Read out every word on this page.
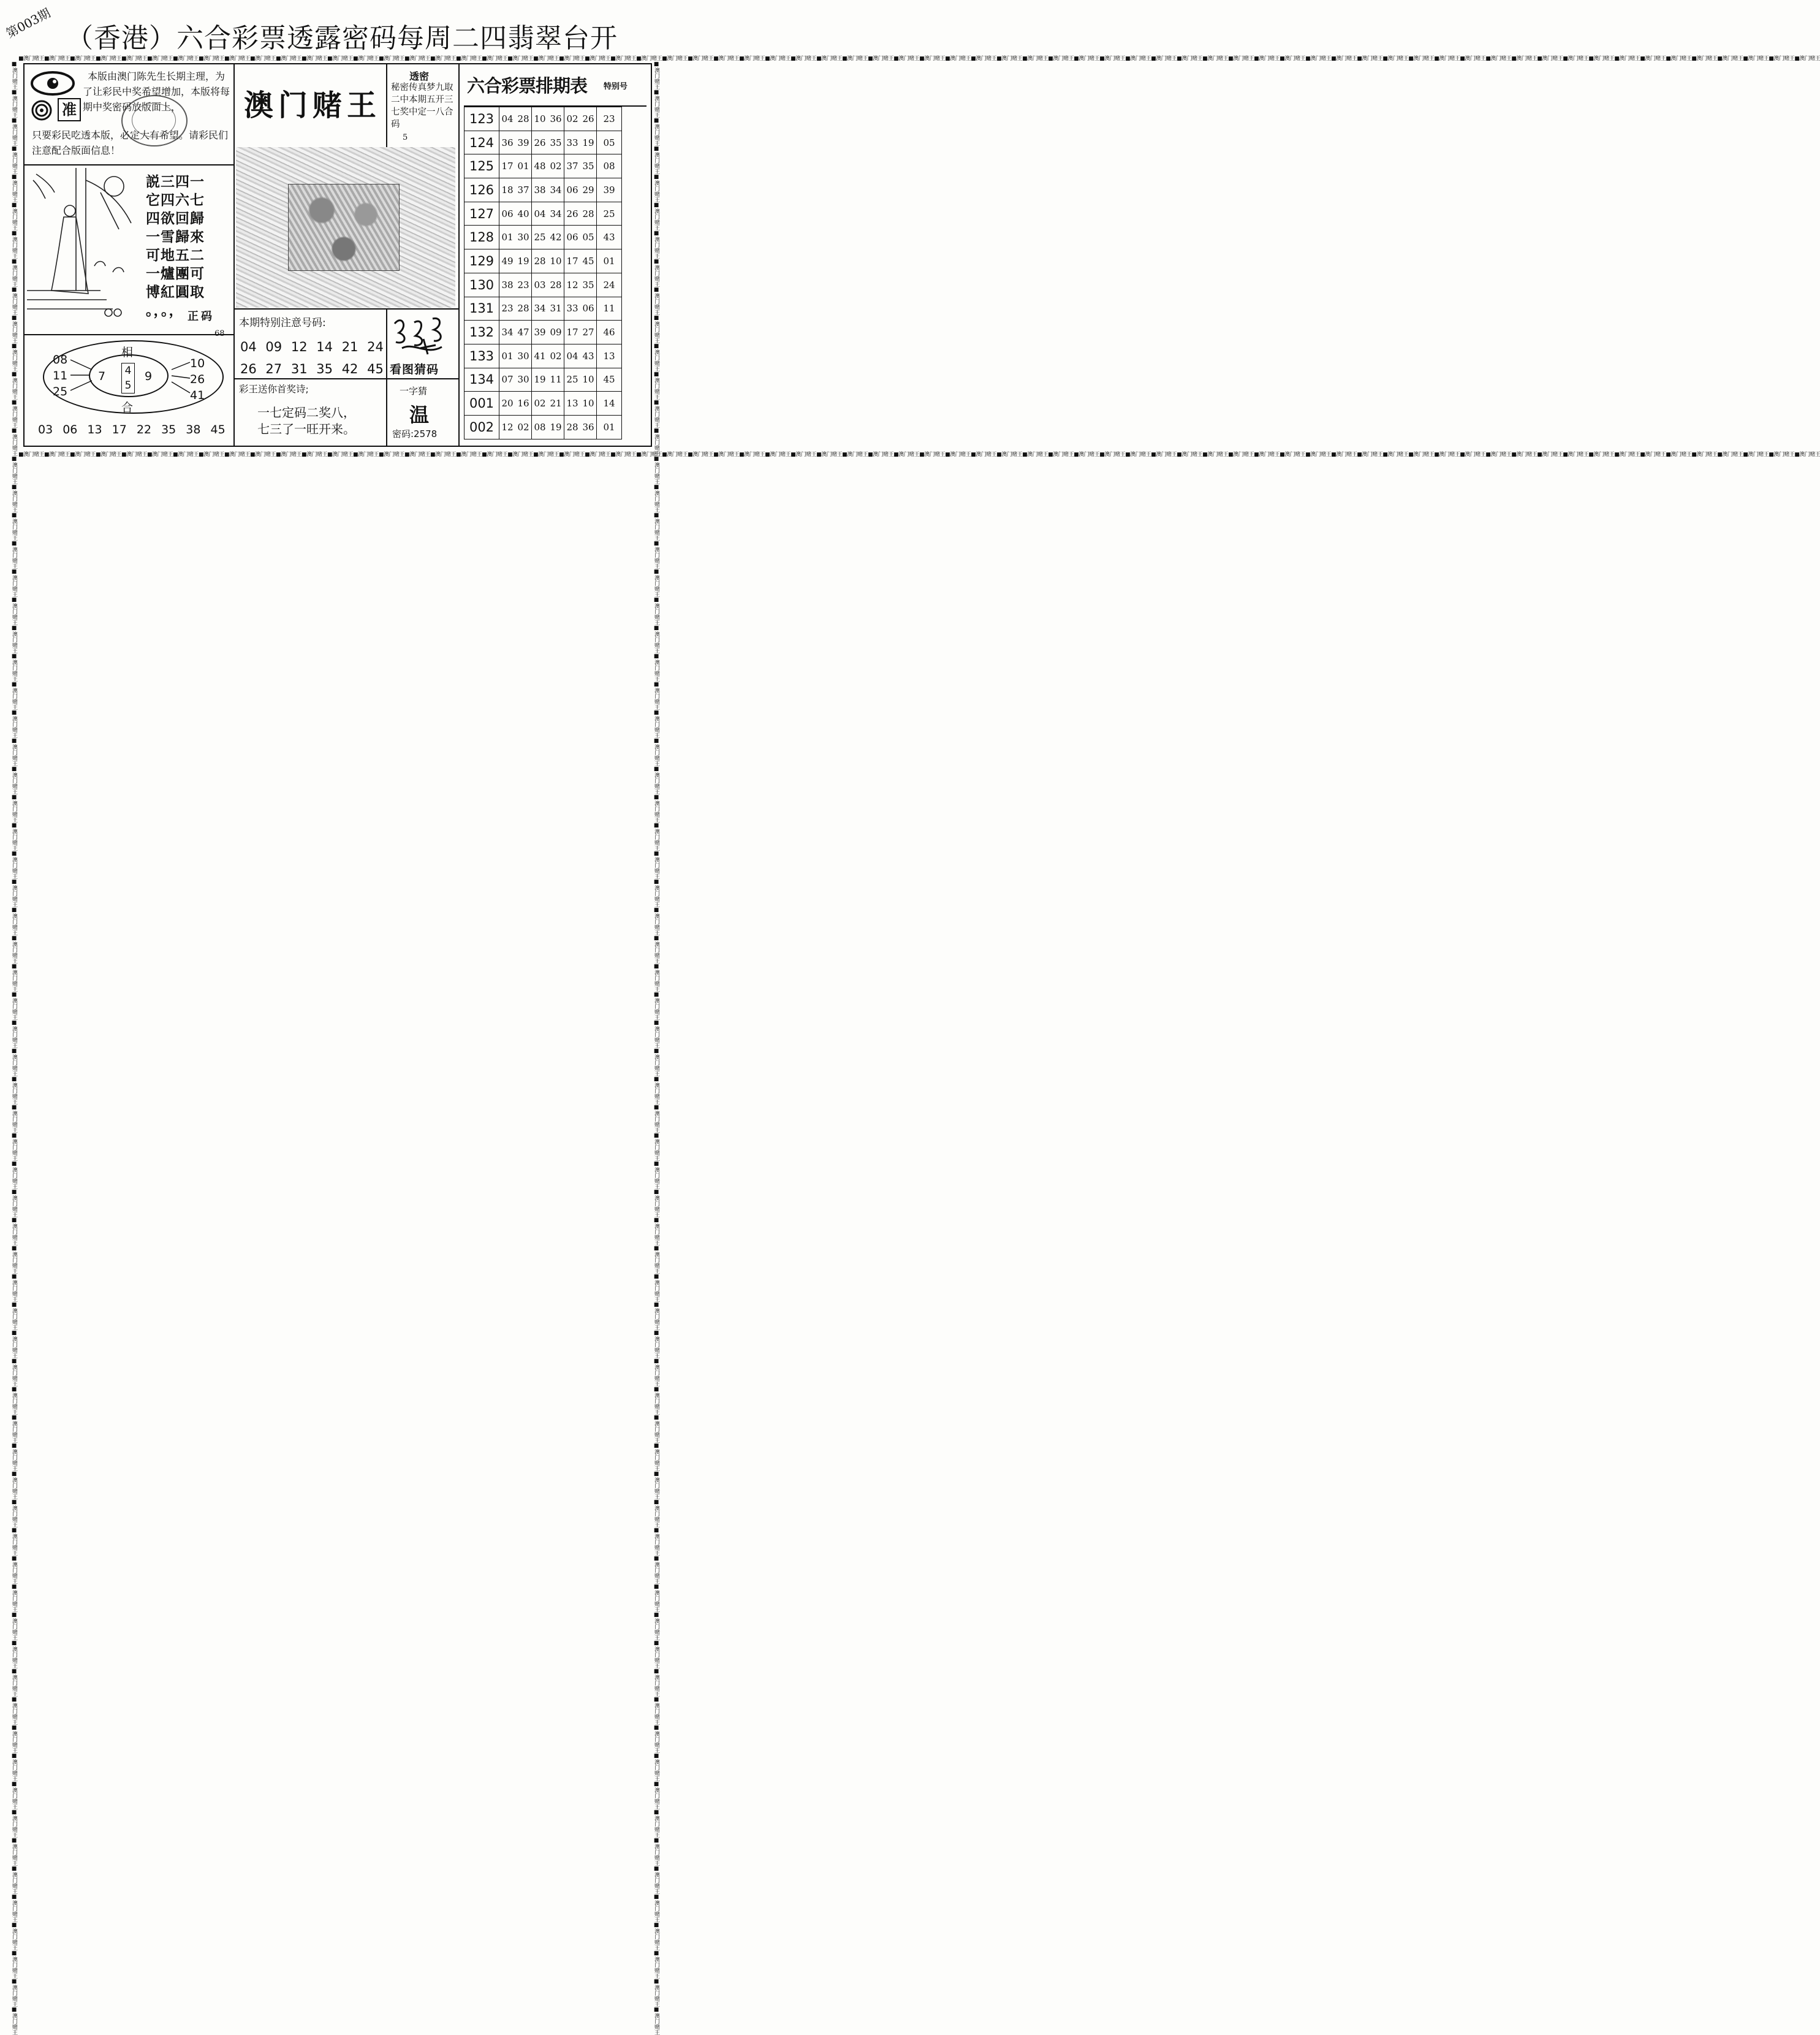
第003期 （香港）六合彩票透露密码每周二四翡翠台开
■澳门赌王■澳门赌王■澳门赌王■澳门赌王■澳门赌王■澳门赌王■澳门赌王■澳门赌王■澳门赌王■澳门赌王■澳门赌王■澳门赌王■澳门赌王■澳门赌王■澳门赌王■澳门赌王■澳门赌王■澳门赌王■澳门赌王■澳门赌王■澳门赌王■澳门赌王■澳门赌王■澳门赌王■澳门赌王■澳门赌王■澳门赌王■澳门赌王■澳门赌王■澳门赌王■澳门赌王■澳门赌王■澳门赌王■澳门赌王■澳门赌王■澳门赌王■澳门赌王■澳门赌王■澳门赌王■澳门赌王■澳门赌王■澳门赌王■澳门赌王■澳门赌王■澳门赌王■澳门赌王■澳门赌王■澳门赌王■澳门赌王■澳门赌王■澳门赌王■澳门赌王■澳门赌王■澳门赌王■澳门赌王■澳门赌王■澳门赌王■澳门赌王■澳门赌王■澳门赌王■澳门赌王■澳门赌王■澳门赌王■澳门赌王■澳门赌王■澳门赌王■澳门赌王■澳门赌王■澳门赌王■澳门赌王
■澳门赌王■澳门赌王■澳门赌王■澳门赌王■澳门赌王■澳门赌王■澳门赌王■澳门赌王■澳门赌王■澳门赌王■澳门赌王■澳门赌王■澳门赌王■澳门赌王■澳门赌王■澳门赌王■澳门赌王■澳门赌王■澳门赌王■澳门赌王■澳门赌王■澳门赌王■澳门赌王■澳门赌王■澳门赌王■澳门赌王■澳门赌王■澳门赌王■澳门赌王■澳门赌王■澳门赌王■澳门赌王■澳门赌王■澳门赌王■澳门赌王■澳门赌王■澳门赌王■澳门赌王■澳门赌王■澳门赌王■澳门赌王■澳门赌王■澳门赌王■澳门赌王■澳门赌王■澳门赌王■澳门赌王■澳门赌王■澳门赌王■澳门赌王■澳门赌王■澳门赌王■澳门赌王■澳门赌王■澳门赌王■澳门赌王■澳门赌王■澳门赌王■澳门赌王■澳门赌王■澳门赌王■澳门赌王■澳门赌王■澳门赌王■澳门赌王■澳门赌王■澳门赌王■澳门赌王■澳门赌王■澳门赌王
■澳门赌王■澳门赌王■澳门赌王■澳门赌王■澳门赌王■澳门赌王■澳门赌王■澳门赌王■澳门赌王■澳门赌王■澳门赌王■澳门赌王■澳门赌王■澳门赌王■澳门赌王■澳门赌王■澳门赌王■澳门赌王■澳门赌王■澳门赌王■澳门赌王■澳门赌王■澳门赌王■澳门赌王■澳门赌王■澳门赌王■澳门赌王■澳门赌王■澳门赌王■澳门赌王■澳门赌王■澳门赌王■澳门赌王■澳门赌王■澳门赌王■澳门赌王■澳门赌王■澳门赌王■澳门赌王■澳门赌王■澳门赌王■澳门赌王■澳门赌王■澳门赌王■澳门赌王■澳门赌王■澳门赌王■澳门赌王■澳门赌王■澳门赌王■澳门赌王■澳门赌王■澳门赌王■澳门赌王■澳门赌王■澳门赌王■澳门赌王■澳门赌王■澳门赌王■澳门赌王■澳门赌王■澳门赌王■澳门赌王■澳门赌王■澳门赌王■澳门赌王■澳门赌王■澳门赌王■澳门赌王■澳门赌王	■澳门赌王■澳门赌王■澳门赌王■澳门赌王■澳门赌王■澳门赌王■澳门赌王■澳门赌王■澳门赌王■澳门赌王■澳门赌王■澳门赌王■澳门赌王■澳门赌王■澳门赌王■澳门赌王■澳门赌王■澳门赌王■澳门赌王■澳门赌王■澳门赌王■澳门赌王■澳门赌王■澳门赌王■澳门赌王■澳门赌王■澳门赌王■澳门赌王■澳门赌王■澳门赌王■澳门赌王■澳门赌王■澳门赌王■澳门赌王■澳门赌王■澳门赌王■澳门赌王■澳门赌王■澳门赌王■澳门赌王■澳门赌王■澳门赌王■澳门赌王■澳门赌王■澳门赌王■澳门赌王■澳门赌王■澳门赌王■澳门赌王■澳门赌王■澳门赌王■澳门赌王■澳门赌王■澳门赌王■澳门赌王■澳门赌王■澳门赌王■澳门赌王■澳门赌王■澳门赌王■澳门赌王■澳门赌王■澳门赌王■澳门赌王■澳门赌王■澳门赌王■澳门赌王■澳门赌王■澳门赌王■澳门赌王
准
本版由澳门陈先生长期主理，为了让彩民中奖希望增加，本版将每期中奖密码放版面上，
只要彩民吃透本版，必定大有希望。请彩民们注意配合版面信息！
説三四一
它四六七
四欲回歸
一雪歸來
可地五二
一爐團可
博紅圓取
。，。， 正码
68
相
合
08
11
25
10
26
41
7 4
5
9
03 06 13 17 22 35 38 45
澳门赌王
透密
秘密传真梦九取二中本期五开三七奖中定一八合码
5
本期特别注意号码:
04 09 12 14 21 24
26 27 31 35 42 45 看图猜码
彩王送你首奖诗;
一七定码二奖八，
七三了一旺开来。
一字猜
温
密码:2578
六合彩票排期表 特别号
123	04	28	10	36	02	26	23
124	36	39	26	35	33	19	05
125	17	01	48	02	37	35	08
126	18	37	38	34	06	29	39
127	06	40	04	34	26	28	25
128	01	30	25	42	06	05	43
129	49	19	28	10	17	45	01
130	38	23	03	28	12	35	24
131	23	28	34	31	33	06	11
132	34	47	39	09	17	27	46
133	01	30	41	02	04	43	13
134	07	30	19	11	25	10	45
001	20	16	02	21	13	10	14
002	12	02	08	19	28	36	01
